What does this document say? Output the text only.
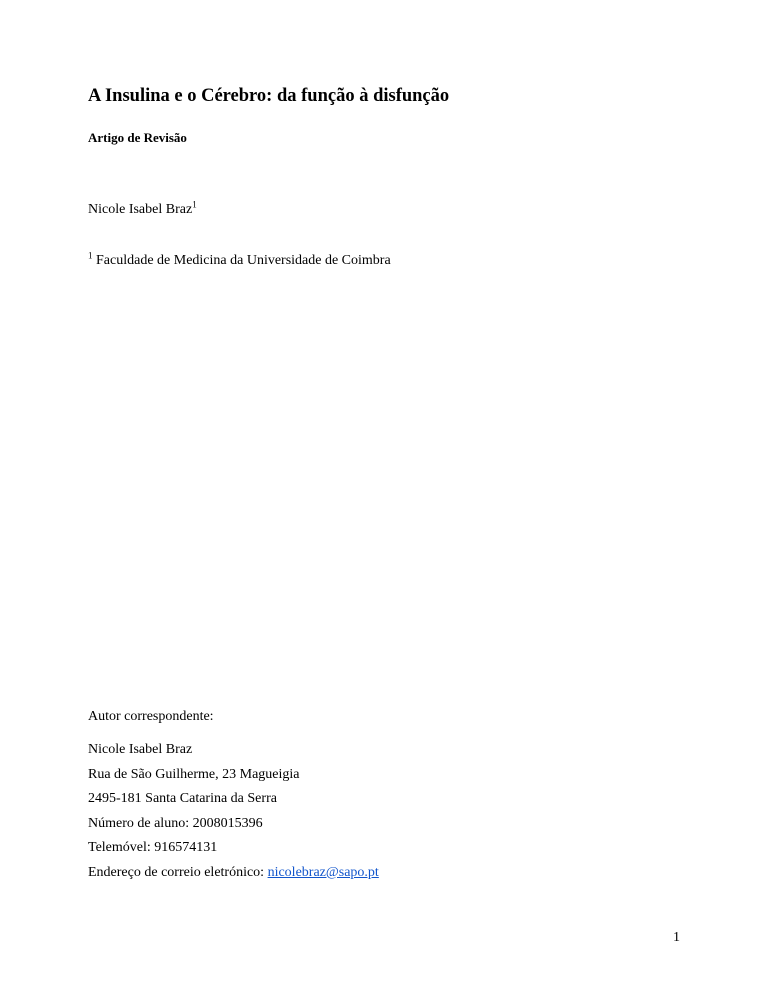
A Insulina e o Cérebro: da função à disfunção
Artigo de Revisão
Nicole Isabel Braz$^1$
$^1$ Faculdade de Medicina da Universidade de Coimbra
Autor correspondente:
Nicole Isabel Braz
Rua de São Guilherme, 23 Magueigia
2495-181 Santa Catarina da Serra
Número de aluno: 2008015396
Telemóvel: 916574131
Endereço de correio eletrónico: nicolebraz@sapo.pt
1
